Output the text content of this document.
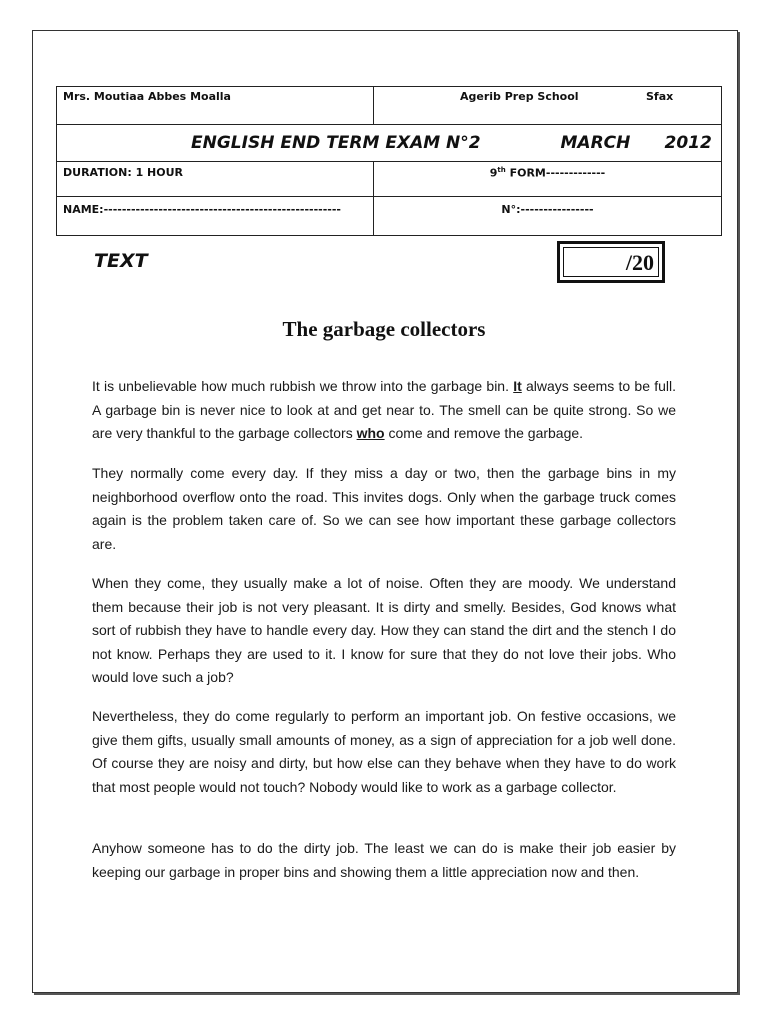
Mrs. Moutiaa Abbes Moalla	Agerib Prep School Sfax

ENGLISH END TERM EXAM N°2 MARCH 2012	

DURATION: 1 HOUR	9th FORM-------------
NAME:----------------------------------------------------	N°:----------------
TEXT	/20
The garbage collectors

It is unbelievable how much rubbish we throw into the garbage bin. It always seems to be full. A garbage bin is never nice to look at and get near to. The smell can be quite strong. So we are very thankful to the garbage collectors who come and remove the garbage.

They normally come every day. If they miss a day or two, then the garbage bins in my neighborhood overflow onto the road. This invites dogs. Only when the garbage truck comes again is the problem taken care of. So we can see how important these garbage collectors are.

When they come, they usually make a lot of noise. Often they are moody. We understand them because their job is not very pleasant. It is dirty and smelly. Besides, God knows what sort of rubbish they have to handle every day. How they can stand the dirt and the stench I do not know. Perhaps they are used to it. I know for sure that they do not love their jobs. Who would love such a job?

Nevertheless, they do come regularly to perform an important job. On festive occasions, we give them gifts, usually small amounts of money, as a sign of appreciation for a job well done. Of course they are noisy and dirty, but how else can they behave when they have to do work that most people would not touch? Nobody would like to work as a garbage collector.

Anyhow someone has to do the dirty job. The least we can do is make their job easier by keeping our garbage in proper bins and showing them a little appreciation now and then.
